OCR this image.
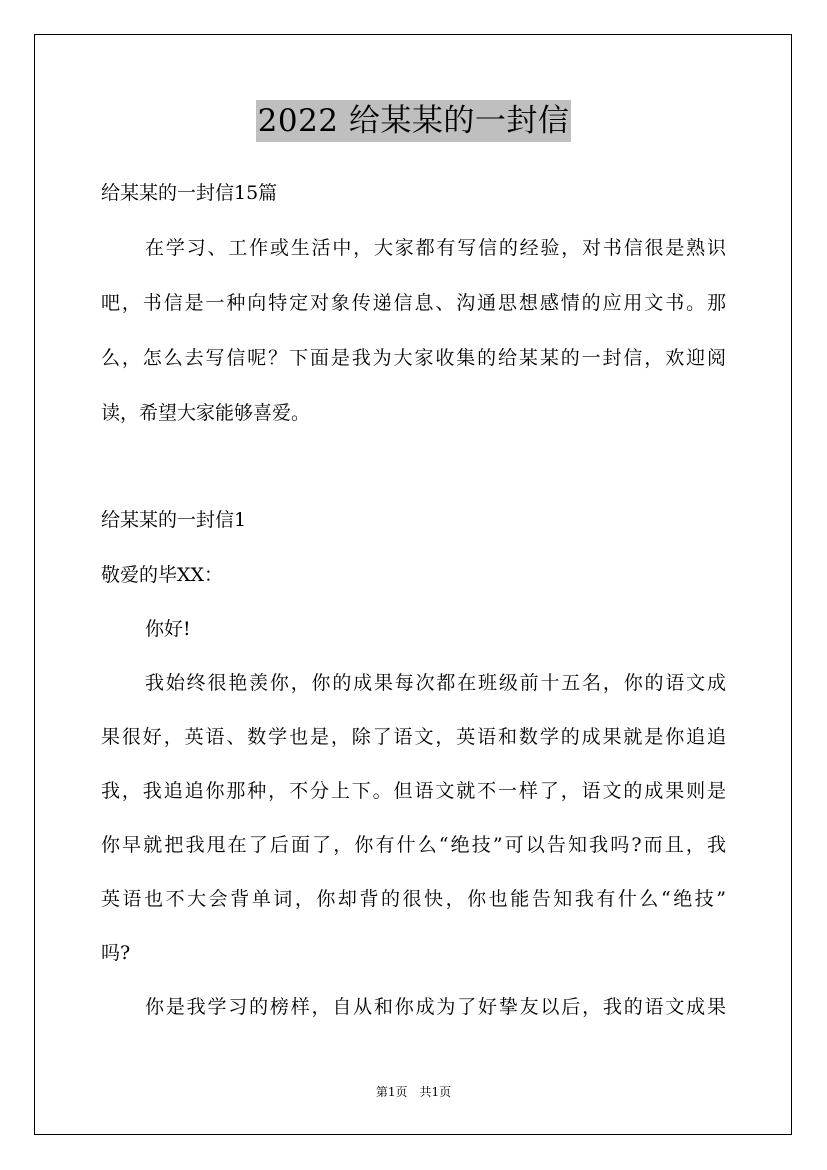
2022 给某某的一封信
给某某的一封信15篇
在学习、工作或生活中，大家都有写信的经验，对书信很是熟识
吧，书信是一种向特定对象传递信息、沟通思想感情的应用文书。那
么，怎么去写信呢？下面是我为大家收集的给某某的一封信，欢迎阅
读，希望大家能够喜爱。
给某某的一封信1
敬爱的毕XX：
你好!
我始终很艳羡你，你的成果每次都在班级前十五名，你的语文成
果很好，英语、数学也是，除了语文，英语和数学的成果就是你追追
我，我追追你那种，不分上下。但语文就不一样了，语文的成果则是
你早就把我甩在了后面了，你有什么“绝技”可以告知我吗?而且，我
英语也不大会背单词，你却背的很快，你也能告知我有什么“绝技”
吗?
你是我学习的榜样，自从和你成为了好挚友以后，我的语文成果
第1页 共1页
